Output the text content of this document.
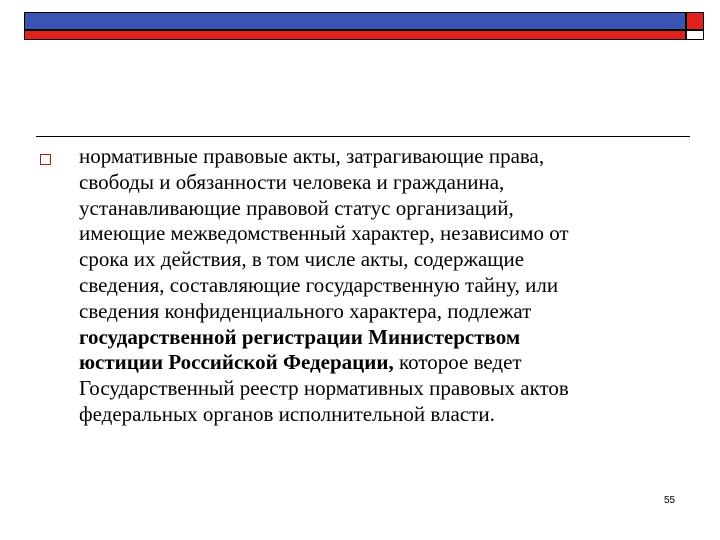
нормативные правовые акты, затрагивающие права,
свободы и обязанности человека и гражданина,
устанавливающие правовой статус организаций,
имеющие межведомственный характер, независимо от
срока их действия, в том числе акты, содержащие
сведения, составляющие государственную тайну, или
сведения конфиденциального характера, подлежат
государственной регистрации Министерством
юстиции Российской Федерации, которое ведет
Государственный реестр нормативных правовых актов
федеральных органов исполнительной власти.
55
